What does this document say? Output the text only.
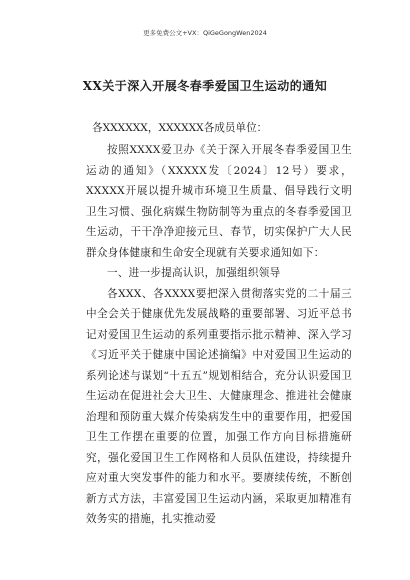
更多免费公文+VX：QiGeGongWen2024
XX关于深入开展冬春季爱国卫生运动的通知
各XXXXXX，XXXXXX各成员单位：

按照XXXX爱卫办《关于深入开展冬春季爱国卫生运动的通知》（XXXXX发〔2024〕12号）要求，XXXXX开展以提升城市环境卫生质量、倡导践行文明卫生习惯、强化病媒生物防制等为重点的冬春季爱国卫生运动，干干净净迎接元旦、春节，切实保护广大人民群众身体健康和生命安全现就有关要求通知如下：

一、进一步提高认识，加强组织领导

各XXX、各XXXX要把深入贯彻落实党的二十届三中全会关于健康优先发展战略的重要部署、习近平总书记对爱国卫生运动的系列重要指示批示精神、深入学习《习近平关于健康中国论述摘编》中对爱国卫生运动的系列论述与谋划“十五五”规划相结合，充分认识爱国卫生运动在促进社会大卫生、大健康理念、推进社会健康治理和预防重大媒介传染病发生中的重要作用，把爱国卫生工作摆在重要的位置，加强工作方向目标措施研究，强化爱国卫生工作网格和人员队伍建设，持续提升应对重大突发事件的能力和水平。要赓续传统，不断创新方式方法，丰富爱国卫生运动内涵，采取更加精准有效务实的措施，扎实推动爱
